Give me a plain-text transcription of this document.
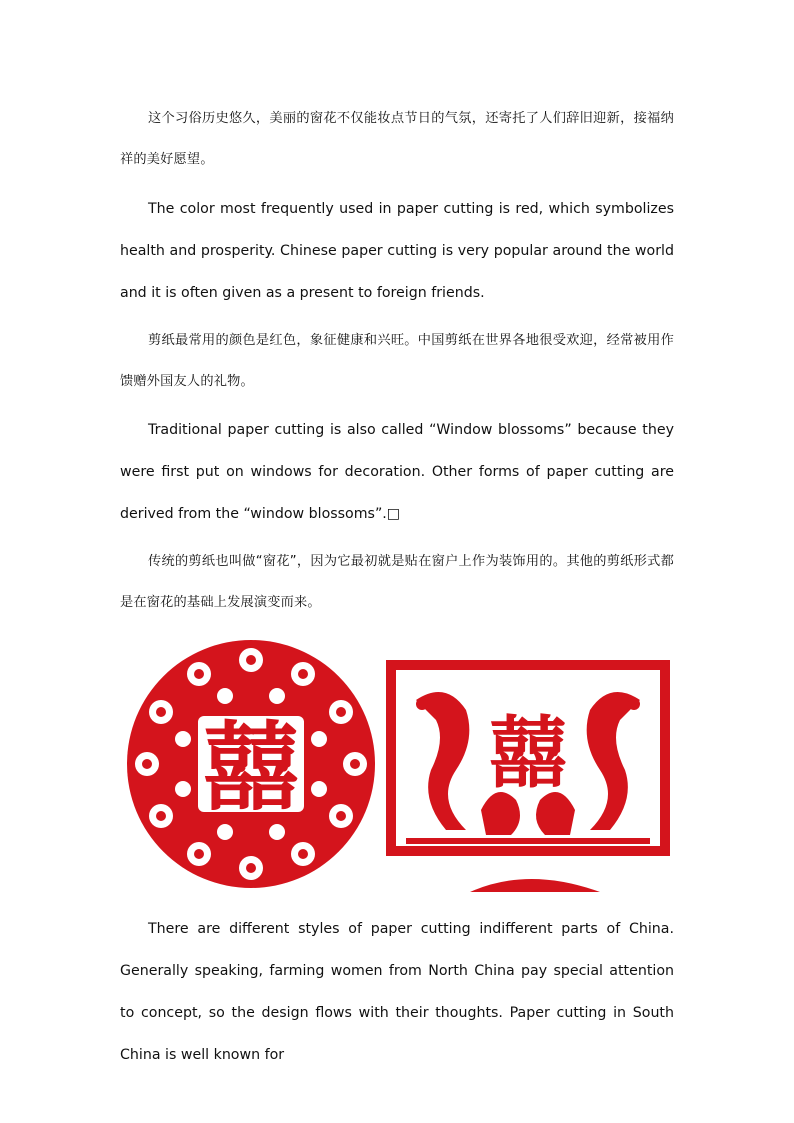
这个习俗历史悠久，美丽的窗花不仅能妆点节日的气氛，还寄托了人们辞旧迎新，接福纳祥的美好愿望。

The color most frequently used in paper cutting is red, which symbolizes health and prosperity. Chinese paper cutting is very popular around the world and it is often given as a present to foreign friends.

剪纸最常用的颜色是红色，象征健康和兴旺。中国剪纸在世界各地很受欢迎，经常被用作馈赠外国友人的礼物。

Traditional paper cutting is also called “Window blossoms” because they were first put on windows for decoration. Other forms of paper cutting are derived from the “window blossoms”.□

传统的剪纸也叫做“窗花”，因为它最初就是贴在窗户上作为装饰用的。其他的剪纸形式都是在窗花的基础上发展演变而来。

囍 囍

There are different styles of paper cutting indifferent parts of China. Generally speaking, farming women from North China pay special attention to concept, so the design flows with their thoughts. Paper cutting in South China is well known for
